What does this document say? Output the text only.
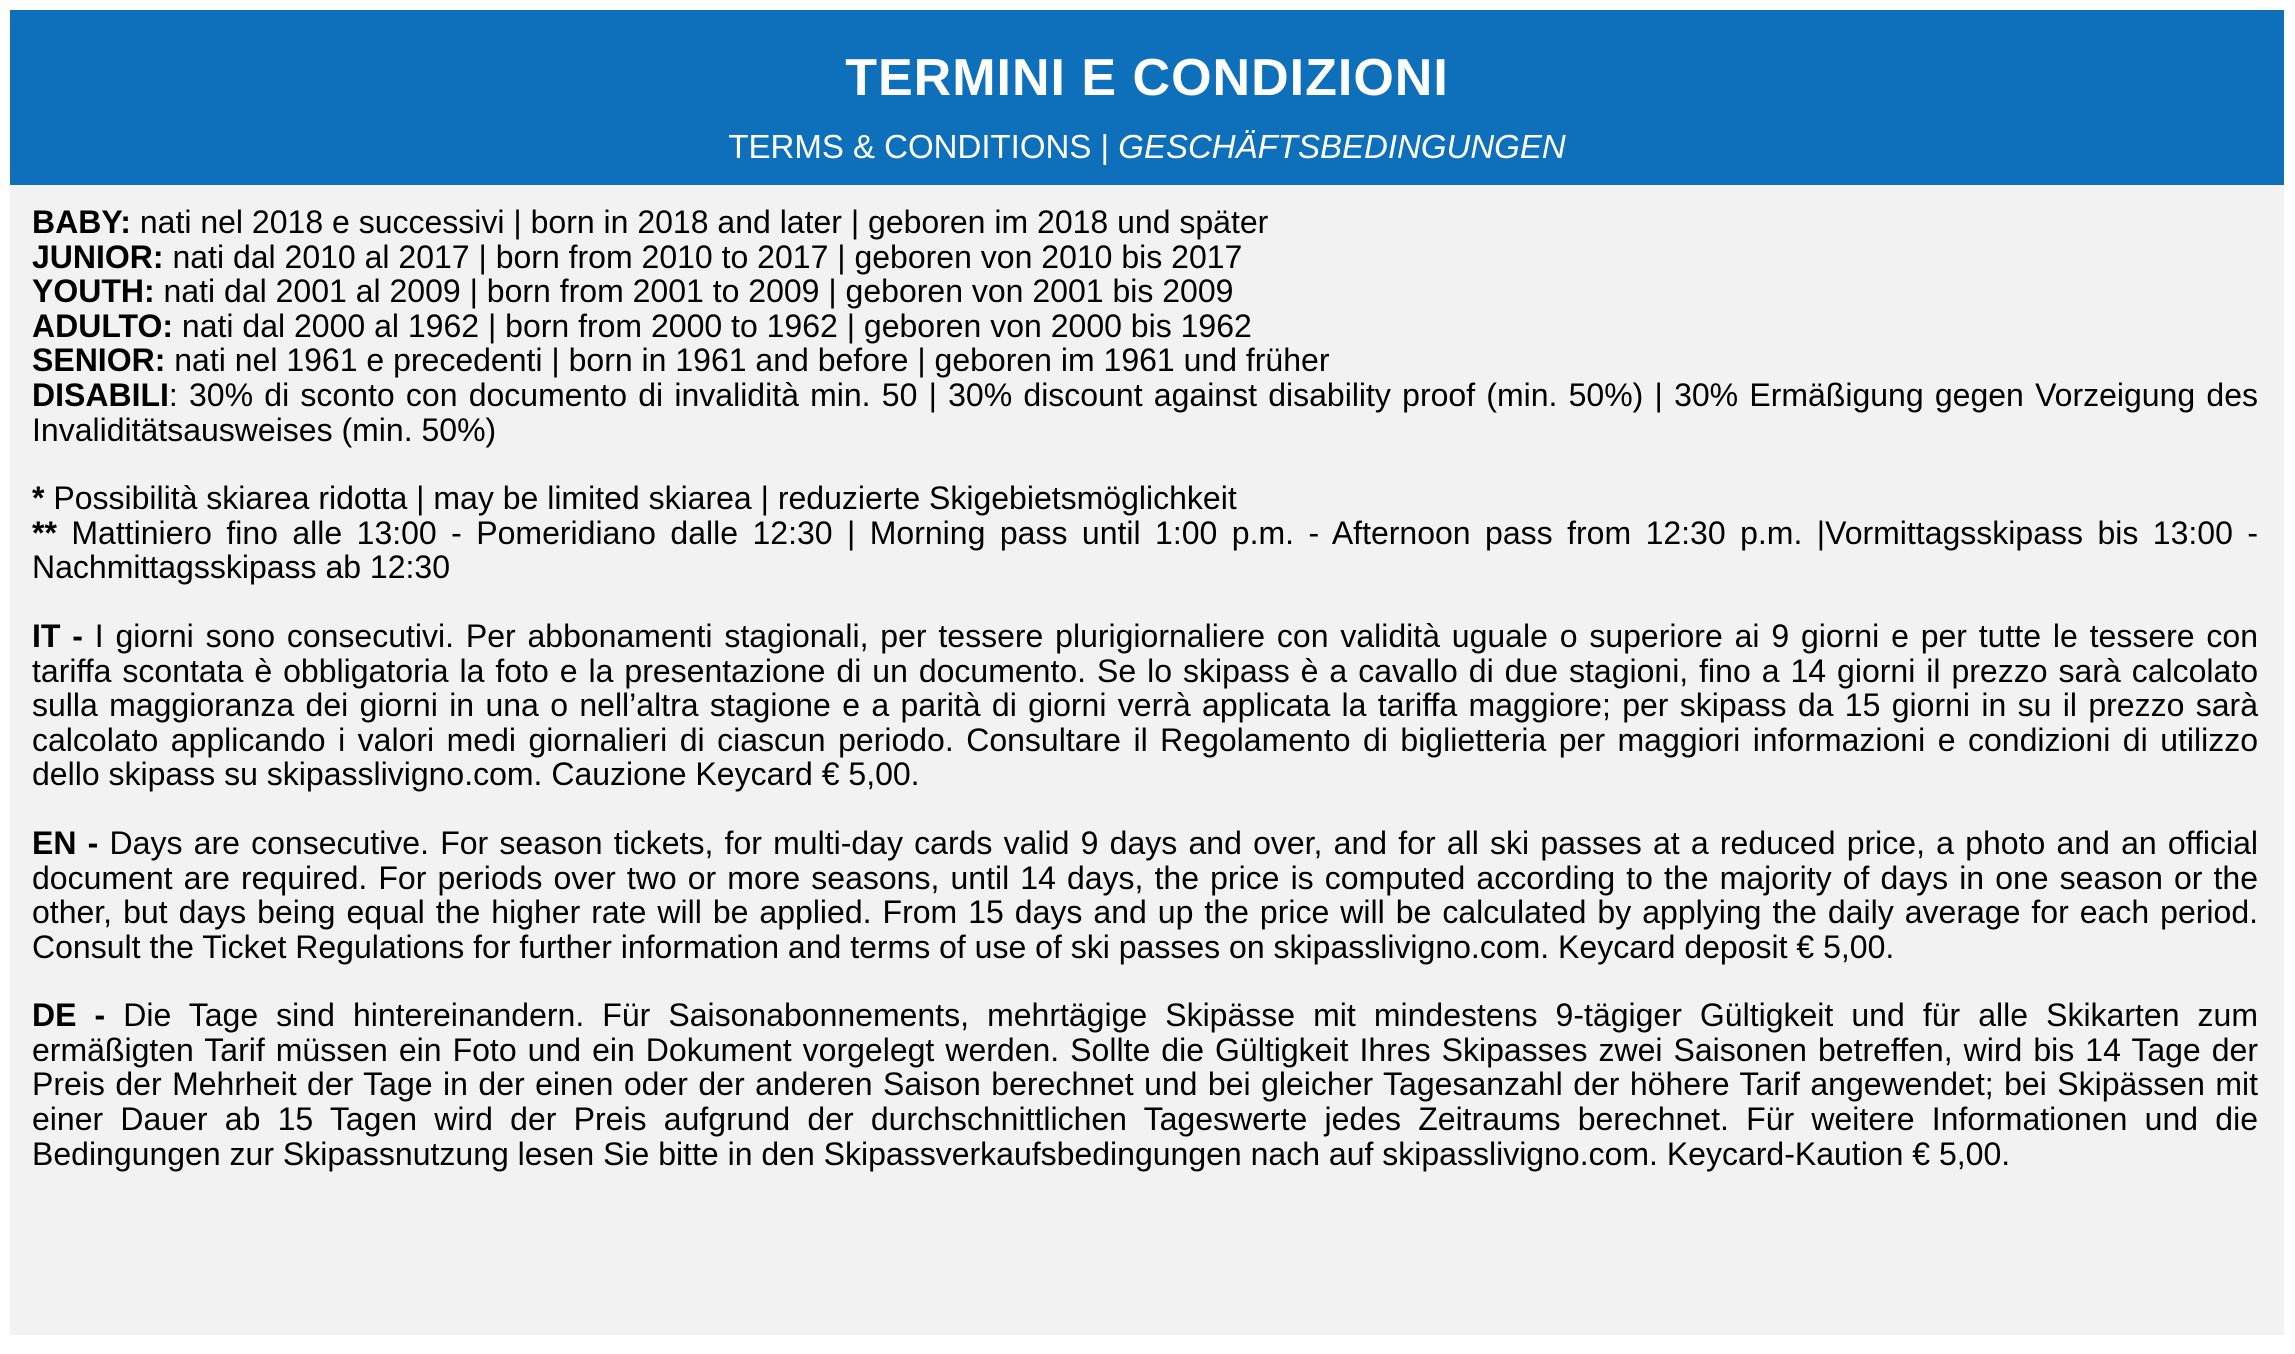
TERMINI E CONDIZIONI
TERMS & CONDITIONS | GESCHÄFTSBEDINGUNGEN

BABY: nati nel 2018 e successivi | born in 2018 and later | geboren im 2018 und später

JUNIOR: nati dal 2010 al 2017 | born from 2010 to 2017 | geboren von 2010 bis 2017

YOUTH: nati dal 2001 al 2009 | born from 2001 to 2009 | geboren von 2001 bis 2009

ADULTO: nati dal 2000 al 1962 | born from 2000 to 1962 | geboren von 2000 bis 1962

SENIOR: nati nel 1961 e precedenti | born in 1961 and before | geboren im 1961 und früher

DISABILI: 30% di sconto con documento di invalidità min. 50 | 30% discount against disability proof (min. 50%) | 30% Ermäßigung gegen Vorzeigung des Invaliditätsausweises (min. 50%)

* Possibilità skiarea ridotta | may be limited skiarea | reduzierte Skigebietsmöglichkeit

** Mattiniero fino alle 13:00 - Pomeridiano dalle 12:30 | Morning pass until 1:00 p.m. - Afternoon pass from 12:30 p.m. |Vormittagsskipass bis 13:00 - Nachmittagsskipass ab 12:30

IT - I giorni sono consecutivi. Per abbonamenti stagionali, per tessere plurigiornaliere con validità uguale o superiore ai 9 giorni e per tutte le tessere con tariffa scontata è obbligatoria la foto e la presentazione di un documento. Se lo skipass è a cavallo di due stagioni, fino a 14 giorni il prezzo sarà calcolato sulla maggioranza dei giorni in una o nell’altra stagione e a parità di giorni verrà applicata la tariffa maggiore; per skipass da 15 giorni in su il prezzo sarà calcolato applicando i valori medi giornalieri di ciascun periodo. Consultare il Regolamento di biglietteria per maggiori informazioni e condizioni di utilizzo dello skipass su skipasslivigno.com. Cauzione Keycard € 5,00.

EN - Days are consecutive. For season tickets, for multi-day cards valid 9 days and over, and for all ski passes at a reduced price, a photo and an official document are required. For periods over two or more seasons, until 14 days, the price is computed according to the majority of days in one season or the other, but days being equal the higher rate will be applied. From 15 days and up the price will be calculated by applying the daily average for each period. Consult the Ticket Regulations for further information and terms of use of ski passes on skipasslivigno.com. Keycard deposit € 5,00.

DE - Die Tage sind hintereinandern. Für Saisonabonnements, mehrtägige Skipässe mit mindestens 9-tägiger Gültigkeit und für alle Skikarten zum ermäßigten Tarif müssen ein Foto und ein Dokument vorgelegt werden. Sollte die Gültigkeit Ihres Skipasses zwei Saisonen betreffen, wird bis 14 Tage der Preis der Mehrheit der Tage in der einen oder der anderen Saison berechnet und bei gleicher Tagesanzahl der höhere Tarif angewendet; bei Skipässen mit einer Dauer ab 15 Tagen wird der Preis aufgrund der durchschnittlichen Tageswerte jedes Zeitraums berechnet. Für weitere Informationen und die Bedingungen zur Skipassnutzung lesen Sie bitte in den Skipassverkaufsbedingungen nach auf skipasslivigno.com. Keycard-Kaution € 5,00.
